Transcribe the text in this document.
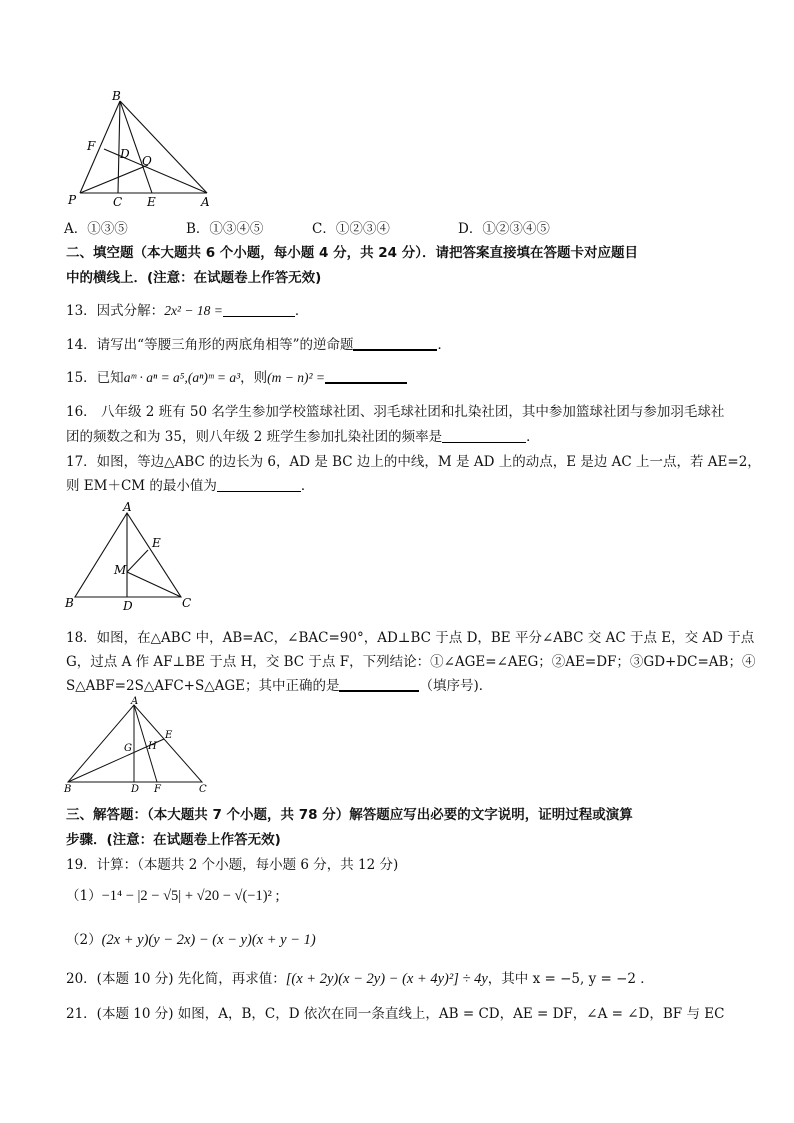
B
F
D O
P	C E	A
A．①③⑤	B．①③④⑤	C．①②③④	D．①②③④⑤
二、填空题（本大题共 6 个小题，每小题 4 分，共 24 分）．请把答案直接填在答题卡对应题目
中的横线上．(注意：在试题卷上作答无效)
13．因式分解：2x² − 18 =	．
14．请写出“等腰三角形的两底角相等”的逆命题	．
15．已知aᵐ · aⁿ = a⁵,(aⁿ)ᵐ = a³，则(m − n)² =
16． 八年级 2 班有 50 名学生参加学校篮球社团、羽毛球社团和扎染社团，其中参加篮球社团与参加羽毛球社
团的频数之和为 35，则八年级 2 班学生参加扎染社团的频率是	．
17．如图，等边△ABC 的边长为 6，AD 是 BC 边上的中线，M 是 AD 上的动点，E 是边 AC 上一点，若 AE=2，
则 EM＋CM 的最小值为	．
A
E
M
B	D	C
18．如图，在△ABC 中，AB=AC，∠BAC=90°，AD⊥BC 于点 D，BE 平分∠ABC 交 AC 于点 E，交 AD 于点
G，过点 A 作 AF⊥BE 于点 H，交 BC 于点 F，下列结论：①∠AGE=∠AEG；②AE=DF；③GD+DC=AB；④
S△ABF=2S△AFC+S△AGE；其中正确的是	（填序号)．
A
E
G H
B	D F	C
三、解答题：（本大题共 7 个小题，共 78 分）解答题应写出必要的文字说明，证明过程或演算
步骤．(注意：在试题卷上作答无效)
19．计算：（本题共 2 个小题，每小题 6 分，共 12 分)
（1）−1⁴ − |2 − √5| + √20 − √(−1)² ;
（2）(2x + y)(y − 2x) − (x − y)(x + y − 1)
20．(本题 10 分) 先化简，再求值：[(x + 2y)(x − 2y) − (x + 4y)²] ÷ 4y，其中 x = −5, y = −2 ．
21．(本题 10 分) 如图，A，B，C，D 依次在同一条直线上，AB = CD，AE = DF，∠A = ∠D，BF 与 EC
